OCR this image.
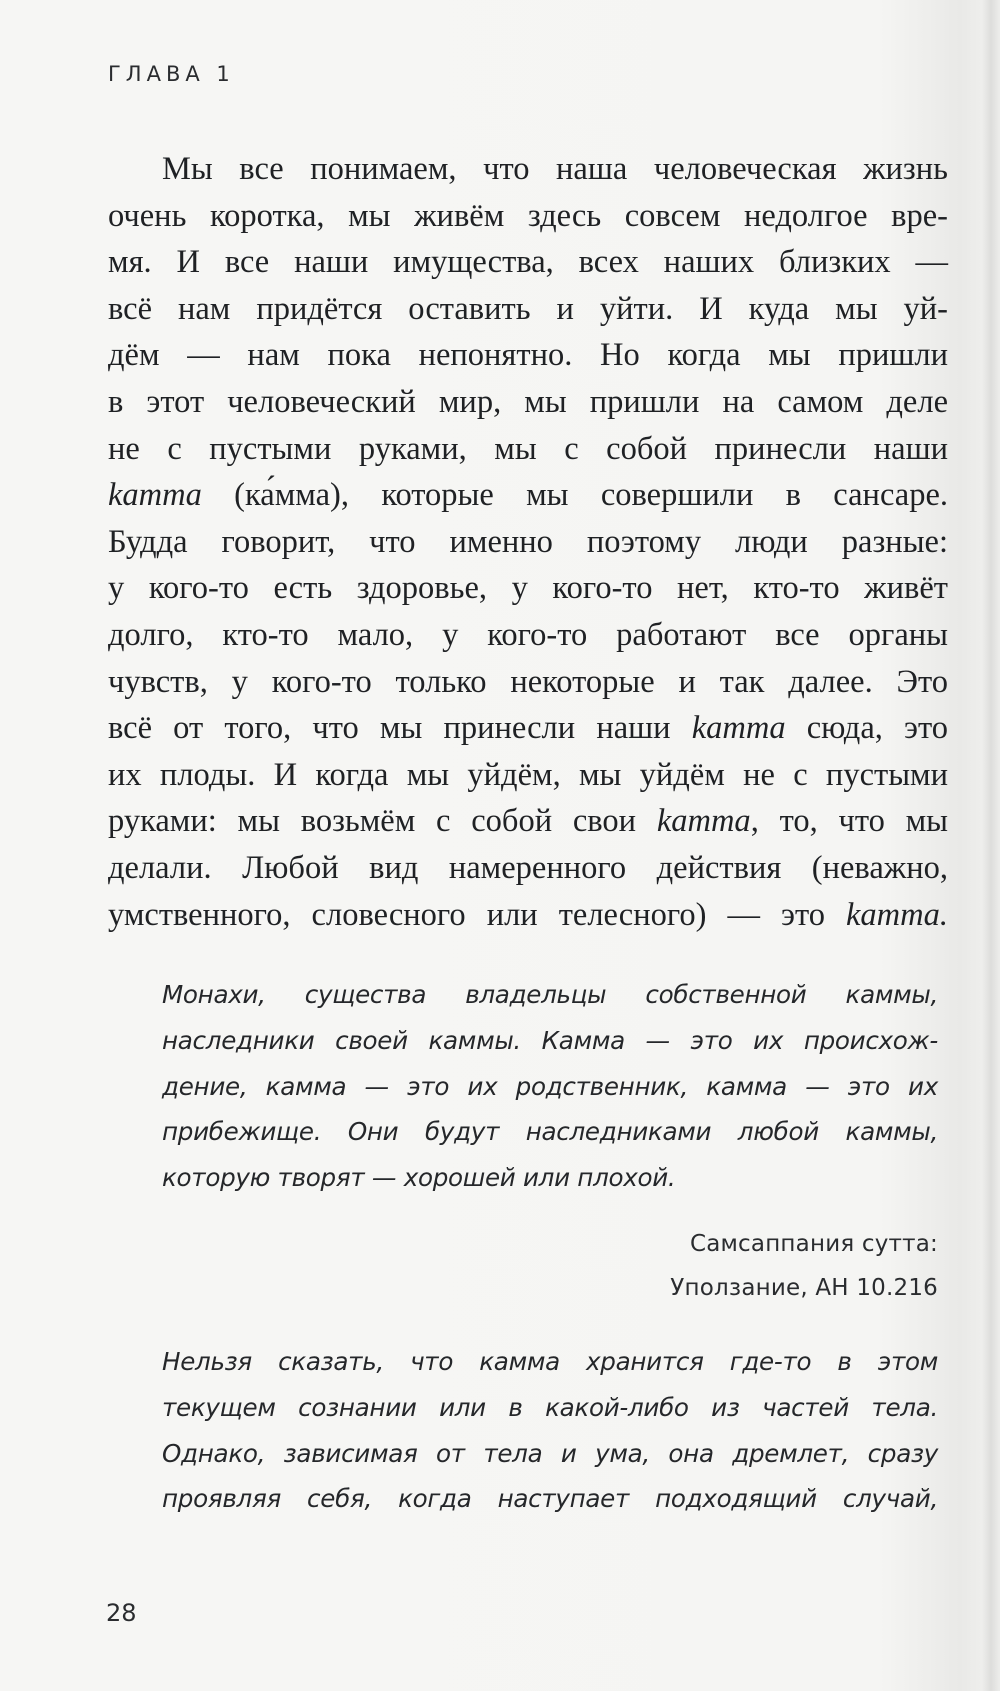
ГЛАВА 1
Мы все понимаем, что наша человеческая жизнь
очень коротка, мы живём здесь совсем недолгое вре-
мя. И все наши имущества, всех наших близких —
всё нам придётся оставить и уйти. И куда мы уй-
дём — нам пока непонятно. Но когда мы пришли
в этот человеческий мир, мы пришли на самом деле
не с пустыми руками, мы с собой принесли наши
kamma (ка́мма), которые мы совершили в сансаре.
Будда говорит, что именно поэтому люди разные:
у кого-то есть здоровье, у кого-то нет, кто-то живёт
долго, кто-то мало, у кого-то работают все органы
чувств, у кого-то только некоторые и так далее. Это
всё от того, что мы принесли наши kamma сюда, это
их плоды. И когда мы уйдём, мы уйдём не с пустыми
руками: мы возьмём с собой свои kamma, то, что мы
делали. Любой вид намеренного действия (неважно,
умственного, словесного или телесного) — это kamma.
Монахи, существа владельцы собственной каммы,
наследники своей каммы. Камма — это их происхож-
дение, камма — это их родственник, камма — это их
прибежище. Они будут наследниками любой каммы,
которую творят — хорошей или плохой.
Самсаппания сутта:
Уползание, АН 10.216
Нельзя сказать, что камма хранится где-то в этом
текущем сознании или в какой-либо из частей тела.
Однако, зависимая от тела и ума, она дремлет, сразу
проявляя себя, когда наступает подходящий случай,
28
